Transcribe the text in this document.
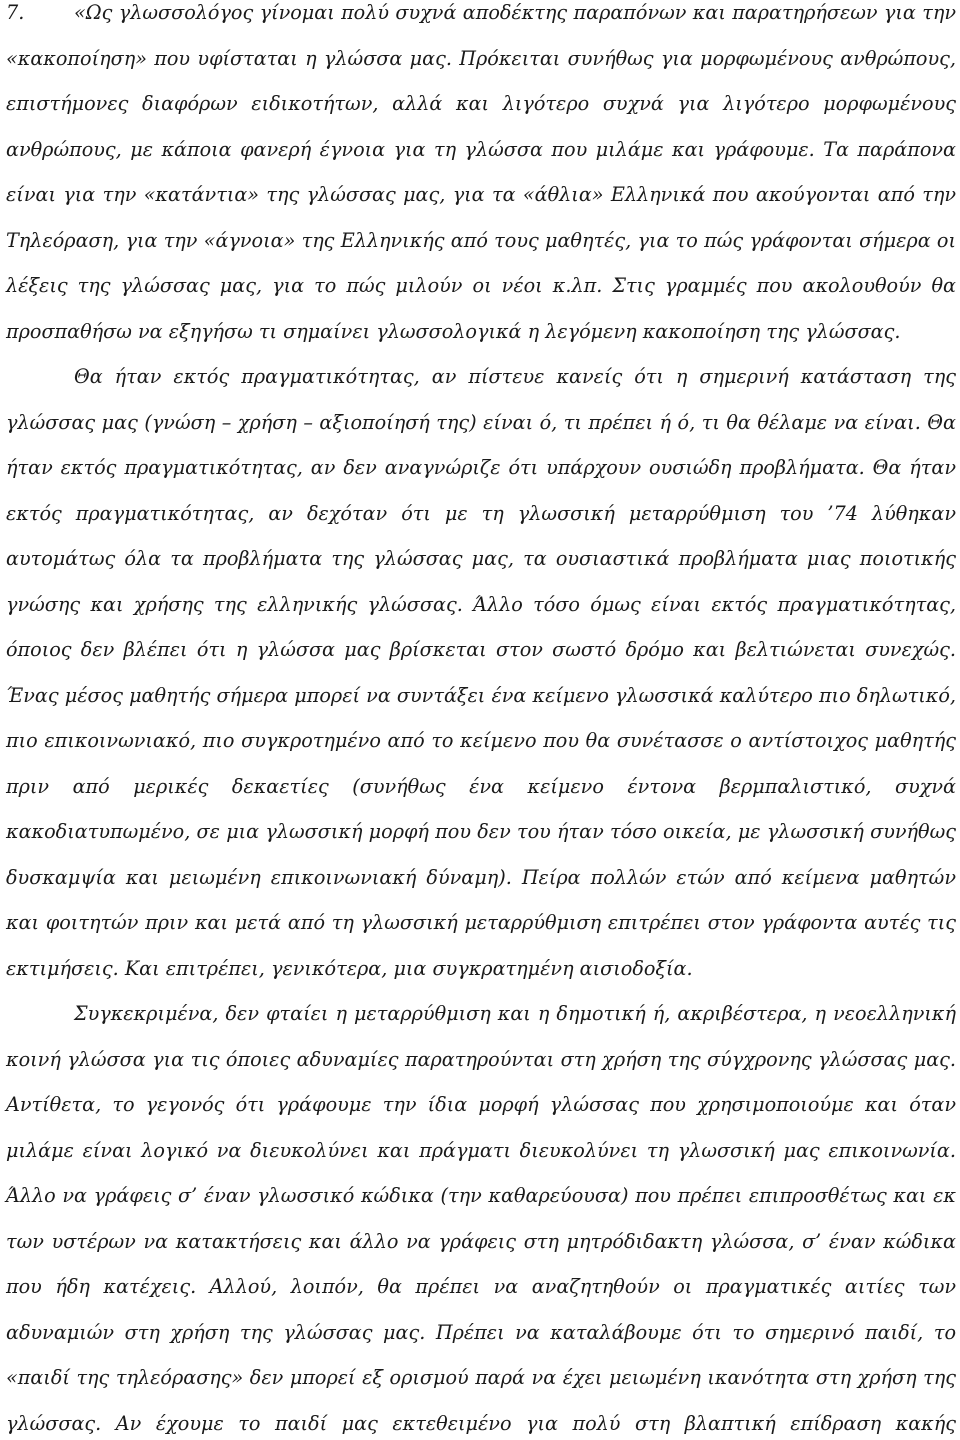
7.	«Ως γλωσσολόγος γίνομαι πολύ συχνά αποδέκτης παραπόνων και παρατηρήσεων για την «κακοποίηση» που υφίσταται η γλώσσα μας. Πρόκειται συνήθως για μορφωμένους ανθρώπους, επιστήμονες διαφόρων ειδικοτήτων, αλλά και λιγότερο συχνά για λιγότερο μορφωμένους ανθρώπους, με κάποια φανερή έγνοια για τη γλώσσα που μιλάμε και γράφουμε. Τα παράπονα είναι για την «κατάντια» της γλώσσας μας, για τα «άθλια» Ελληνικά που ακούγονται από την Τηλεόραση, για την «άγνοια» της Ελληνικής από τους μαθητές, για το πώς γράφονται σήμερα οι λέξεις της γλώσσας μας, για το πώς μιλούν οι νέοι κ.λπ. Στις γραμμές που ακολουθούν θα προσπαθήσω να εξηγήσω τι σημαίνει γλωσσολογικά η λεγόμενη κακοποίηση της γλώσσας.

Θα ήταν εκτός πραγματικότητας, αν πίστευε κανείς ότι η σημερινή κατάσταση της γλώσσας μας (γνώση – χρήση – αξιοποίησή της) είναι ό, τι πρέπει ή ό, τι θα θέλαμε να είναι. Θα ήταν εκτός πραγματικότητας, αν δεν αναγνώριζε ότι υπάρχουν ουσιώδη προβλήματα. Θα ήταν εκτός πραγματικότητας, αν δεχόταν ότι με τη γλωσσική μεταρρύθμιση του ’74 λύθηκαν αυτομάτως όλα τα προβλήματα της γλώσσας μας, τα ουσιαστικά προβλήματα μιας ποιοτικής γνώσης και χρήσης της ελληνικής γλώσσας. Άλλο τόσο όμως είναι εκτός πραγματικότητας, όποιος δεν βλέπει ότι η γλώσσα μας βρίσκεται στον σωστό δρόμο και βελτιώνεται συνεχώς. Ένας μέσος μαθητής σήμερα μπορεί να συντάξει ένα κείμενο γλωσσικά καλύτερο πιο δηλωτικό, πιο επικοινωνιακό, πιο συγκροτημένο από το κείμενο που θα συνέτασσε ο αντίστοιχος μαθητής πριν από μερικές δεκαετίες (συνήθως ένα κείμενο έντονα βερμπαλιστικό, συχνά κακοδιατυπωμένο, σε μια γλωσσική μορφή που δεν του ήταν τόσο οικεία, με γλωσσική συνήθως δυσκαμψία και μειωμένη επικοινωνιακή δύναμη). Πείρα πολλών ετών από κείμενα μαθητών και φοιτητών πριν και μετά από τη γλωσσική μεταρρύθμιση επιτρέπει στον γράφοντα αυτές τις εκτιμήσεις. Και επιτρέπει, γενικότερα, μια συγκρατημένη αισιοδοξία.

Συγκεκριμένα, δεν φταίει η μεταρρύθμιση και η δημοτική ή, ακριβέστερα, η νεοελληνική κοινή γλώσσα για τις όποιες αδυναμίες παρατηρούνται στη χρήση της σύγχρονης γλώσσας μας. Αντίθετα, το γεγονός ότι γράφουμε την ίδια μορφή γλώσσας που χρησιμοποιούμε και όταν μιλάμε είναι λογικό να διευκολύνει και πράγματι διευκολύνει τη γλωσσική μας επικοινωνία. Άλλο να γράφεις σ’ έναν γλωσσικό κώδικα (την καθαρεύουσα) που πρέπει επιπροσθέτως και εκ των υστέρων να κατακτήσεις και άλλο να γράφεις στη μητρόδιδακτη γλώσσα, σ’ έναν κώδικα που ήδη κατέχεις. Αλλού, λοιπόν, θα πρέπει να αναζητηθούν οι πραγματικές αιτίες των αδυναμιών στη χρήση της γλώσσας μας. Πρέπει να καταλάβουμε ότι το σημερινό παιδί, το «παιδί της τηλεόρασης» δεν μπορεί εξ ορισμού παρά να έχει μειωμένη ικανότητα στη χρήση της γλώσσας. Αν έχουμε το παιδί μας εκτεθειμένο για πολύ στη βλαπτική επίδραση κακής
